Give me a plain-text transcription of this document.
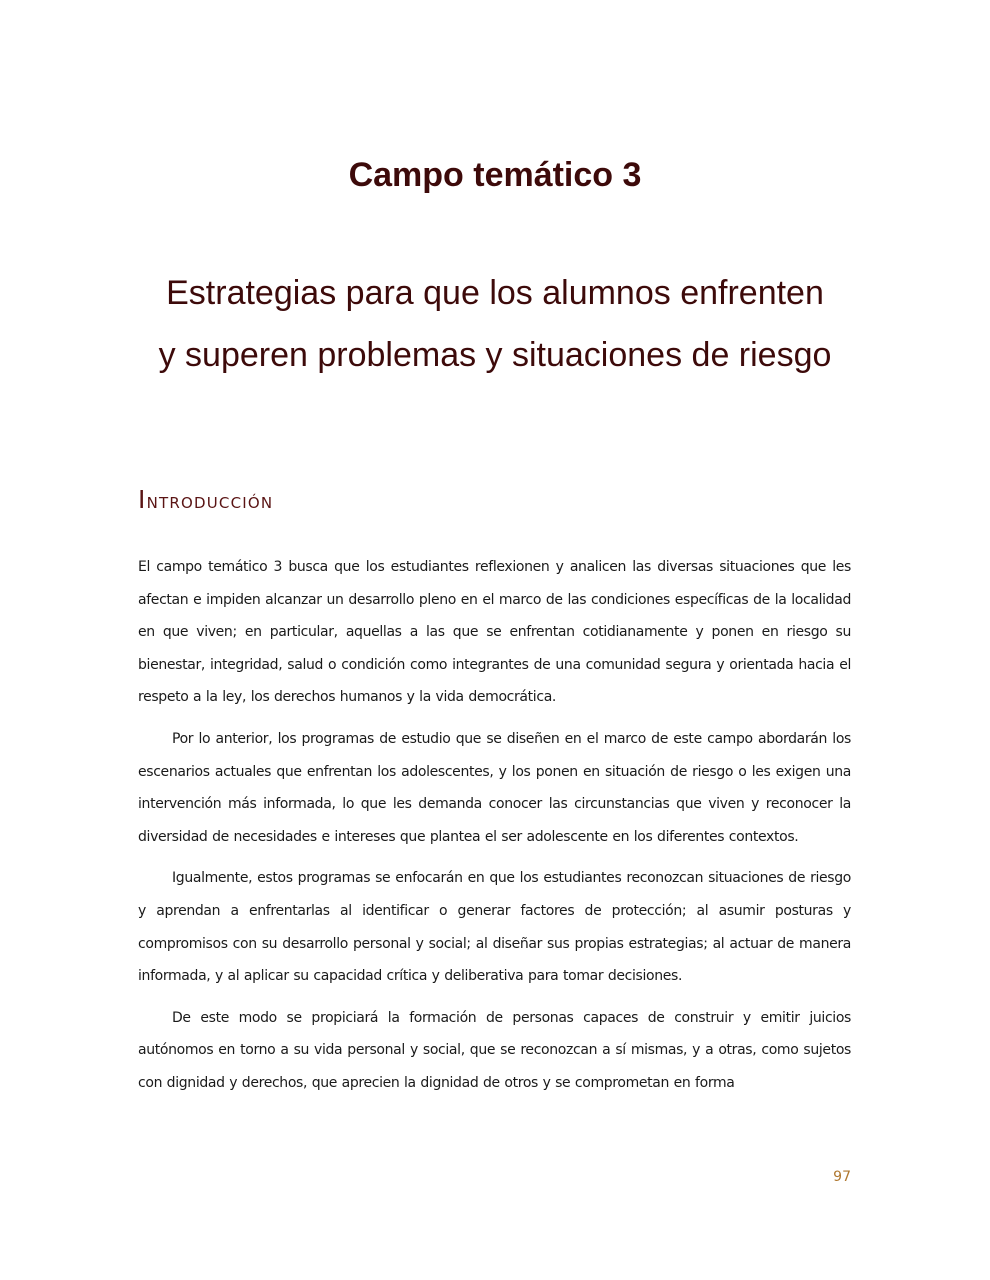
Campo temático 3
Estrategias para que los alumnos enfrenten
y superen problemas y situaciones de riesgo
Introducción

El campo temático 3 busca que los estudiantes reflexionen y analicen las diversas situaciones que les afectan e impiden alcanzar un desarrollo pleno en el marco de las condiciones específicas de la localidad en que viven; en particular, aquellas a las que se enfrentan cotidianamente y ponen en riesgo su bienestar, integridad, salud o condición como integrantes de una comunidad segura y orientada hacia el respeto a la ley, los derechos humanos y la vida democrática.

Por lo anterior, los programas de estudio que se diseñen en el marco de este campo abordarán los escenarios actuales que enfrentan los adolescentes, y los ponen en situación de riesgo o les exigen una intervención más informada, lo que les demanda conocer las circunstancias que viven y reconocer la diversidad de necesidades e intereses que plantea el ser adolescente en los diferentes contextos.

Igualmente, estos programas se enfocarán en que los estudiantes reconozcan situaciones de riesgo y aprendan a enfrentarlas al identificar o generar factores de protección; al asumir posturas y compromisos con su desarrollo personal y social; al diseñar sus propias estrategias; al actuar de manera informada, y al aplicar su capacidad crítica y deliberativa para tomar decisiones.

De este modo se propiciará la formación de personas capaces de construir y emitir juicios autónomos en torno a su vida personal y social, que se reconozcan a sí mismas, y a otras, como sujetos con dignidad y derechos, que aprecien la dignidad de otros y se comprometan en forma

97
